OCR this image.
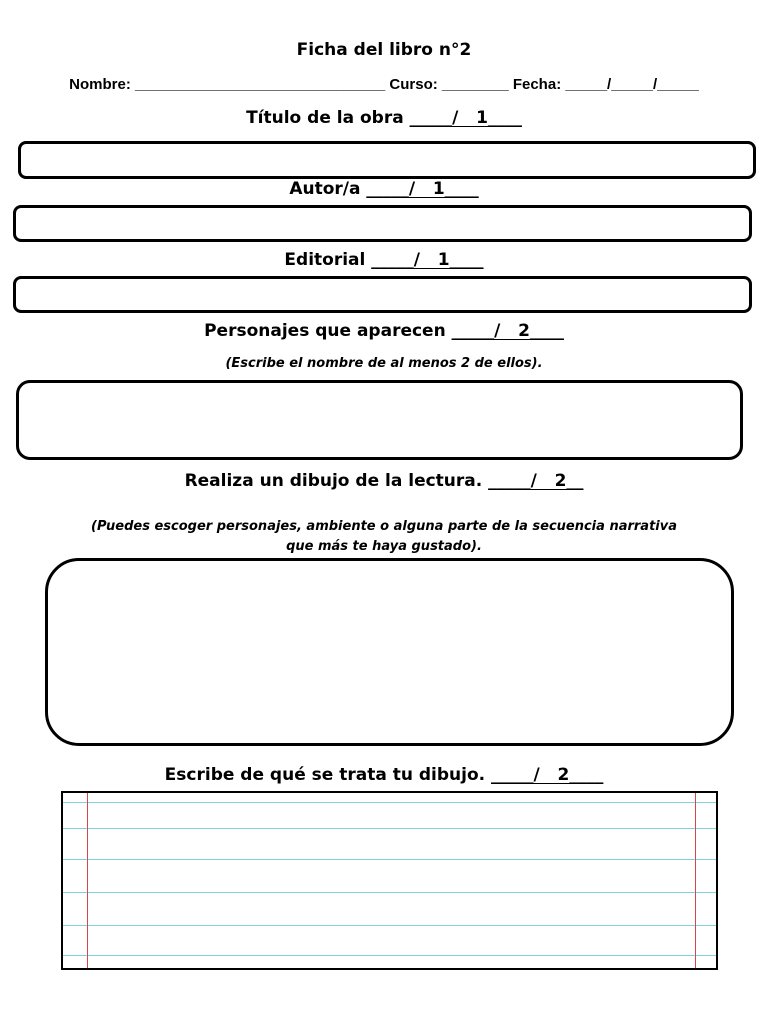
Ficha del libro n°2
Nombre: ______________________________ Curso: ________ Fecha: _____/_____/_____
Título de la obra _____/   1____
Autor/a _____/   1____
Editorial _____/   1____
Personajes que aparecen _____/   2____
(Escribe el nombre de al menos 2 de ellos).
Realiza un dibujo de la lectura. _____/   2__
(Puedes escoger personajes, ambiente o alguna parte de la secuencia narrativa
que más te haya gustado).
Escribe de qué se trata tu dibujo. _____/   2____
